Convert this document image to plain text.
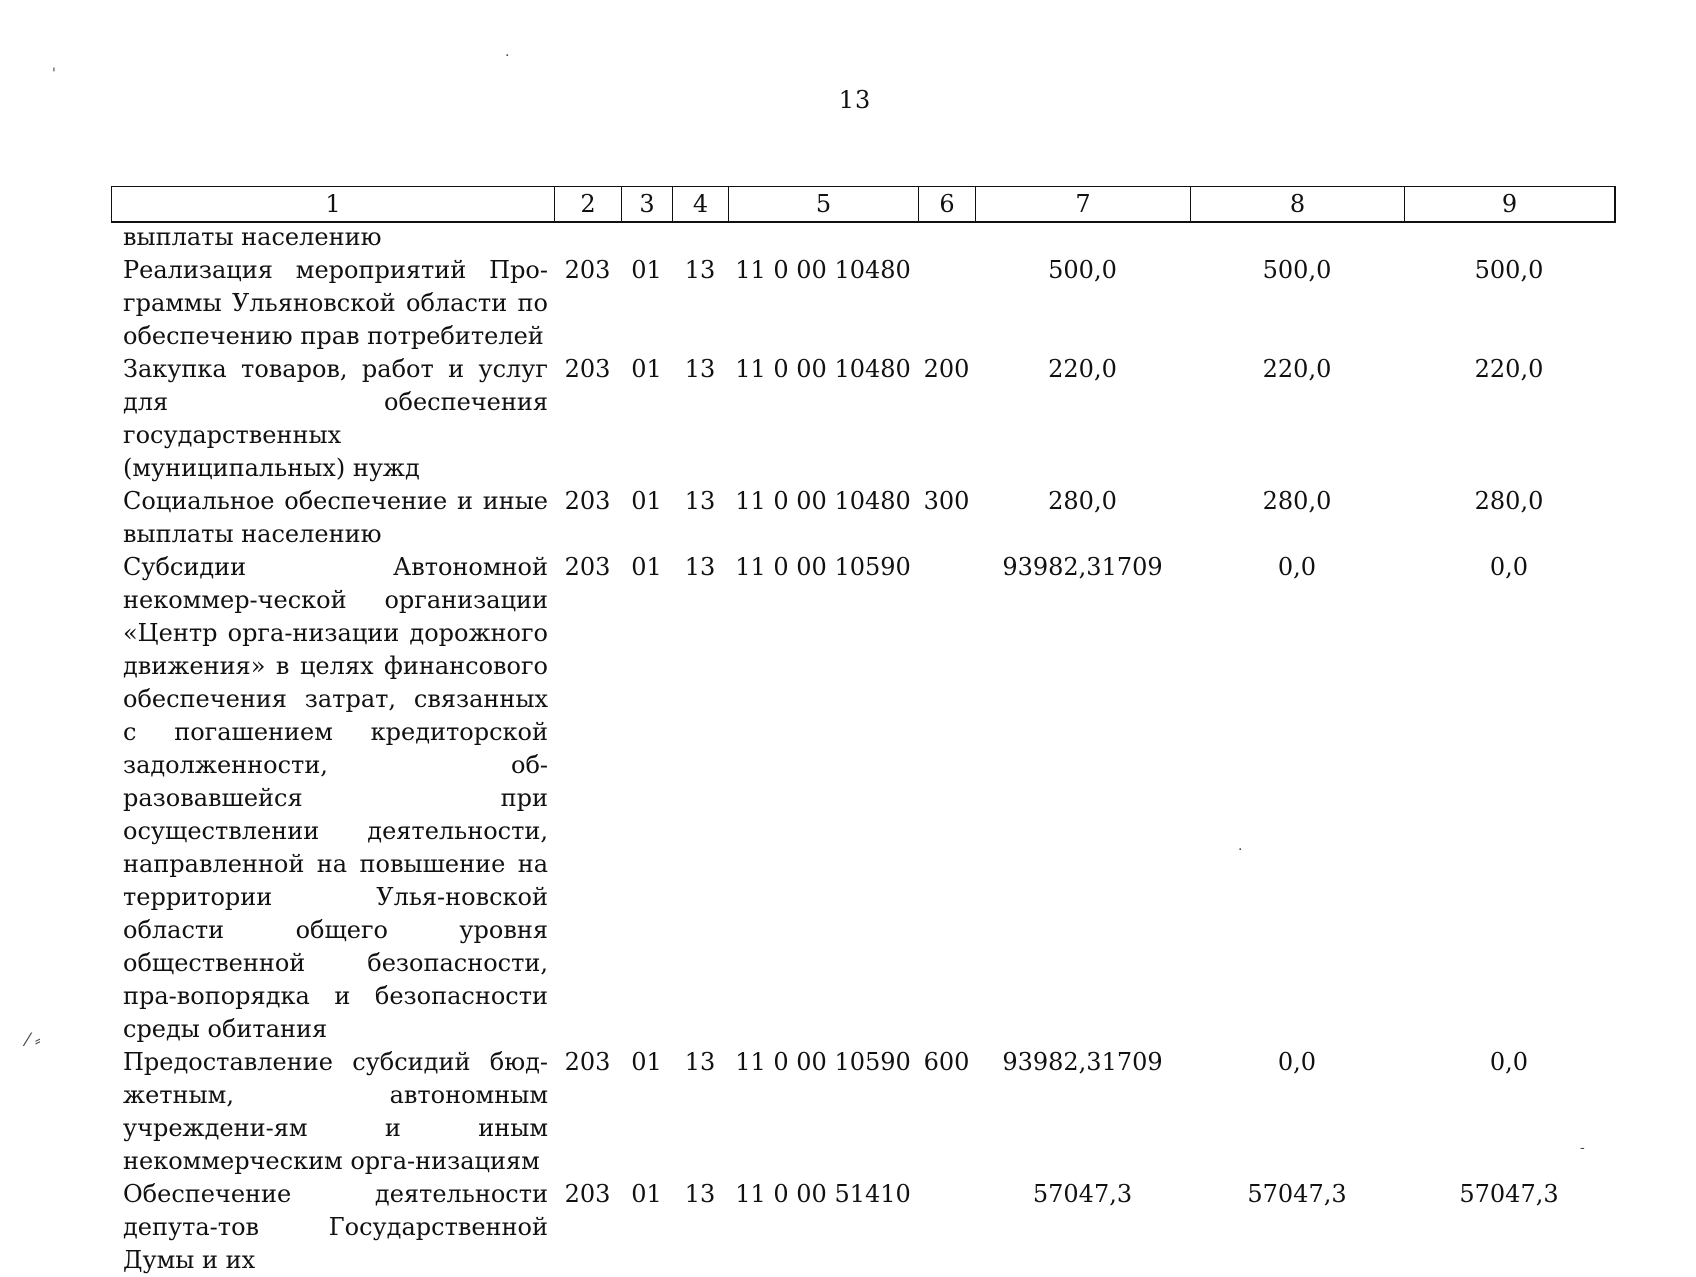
13
1	2	3	4	5	6	7	8	9
выплаты населению								
Реализация мероприятий Про-граммы Ульяновской области по обеспечению прав потребителей	203	01	13	11 0 00 10480		500,0	500,0	500,0
Закупка товаров, работ и услуг для обеспечения государственных (муниципальных) нужд	203	01	13	11 0 00 10480	200	220,0	220,0	220,0
Социальное обеспечение и иные выплаты населению	203	01	13	11 0 00 10480	300	280,0	280,0	280,0
Субсидии Автономной некоммер-ческой организации «Центр орга-низации дорожного движения» в целях финансового обеспечения затрат, связанных с погашением кредиторской задолженности, об-разовавшейся при осуществлении деятельности, направленной на повышение на территории Улья-новской области общего уровня общественной безопасности, пра-вопорядка и безопасности среды обитания	203	01	13	11 0 00 10590		93982,31709	0,0	0,0
Предоставление субсидий бюд-жетным, автономным учреждени-ям и иным некоммерческим орга-низациям	203	01	13	11 0 00 10590	600	93982,31709	0,0	0,0
Обеспечение деятельности депута-тов Государственной Думы и их	203	01	13	11 0 00 51410		57047,3	57047,3	57047,3
'
.
.
-
⁄ ⸗
